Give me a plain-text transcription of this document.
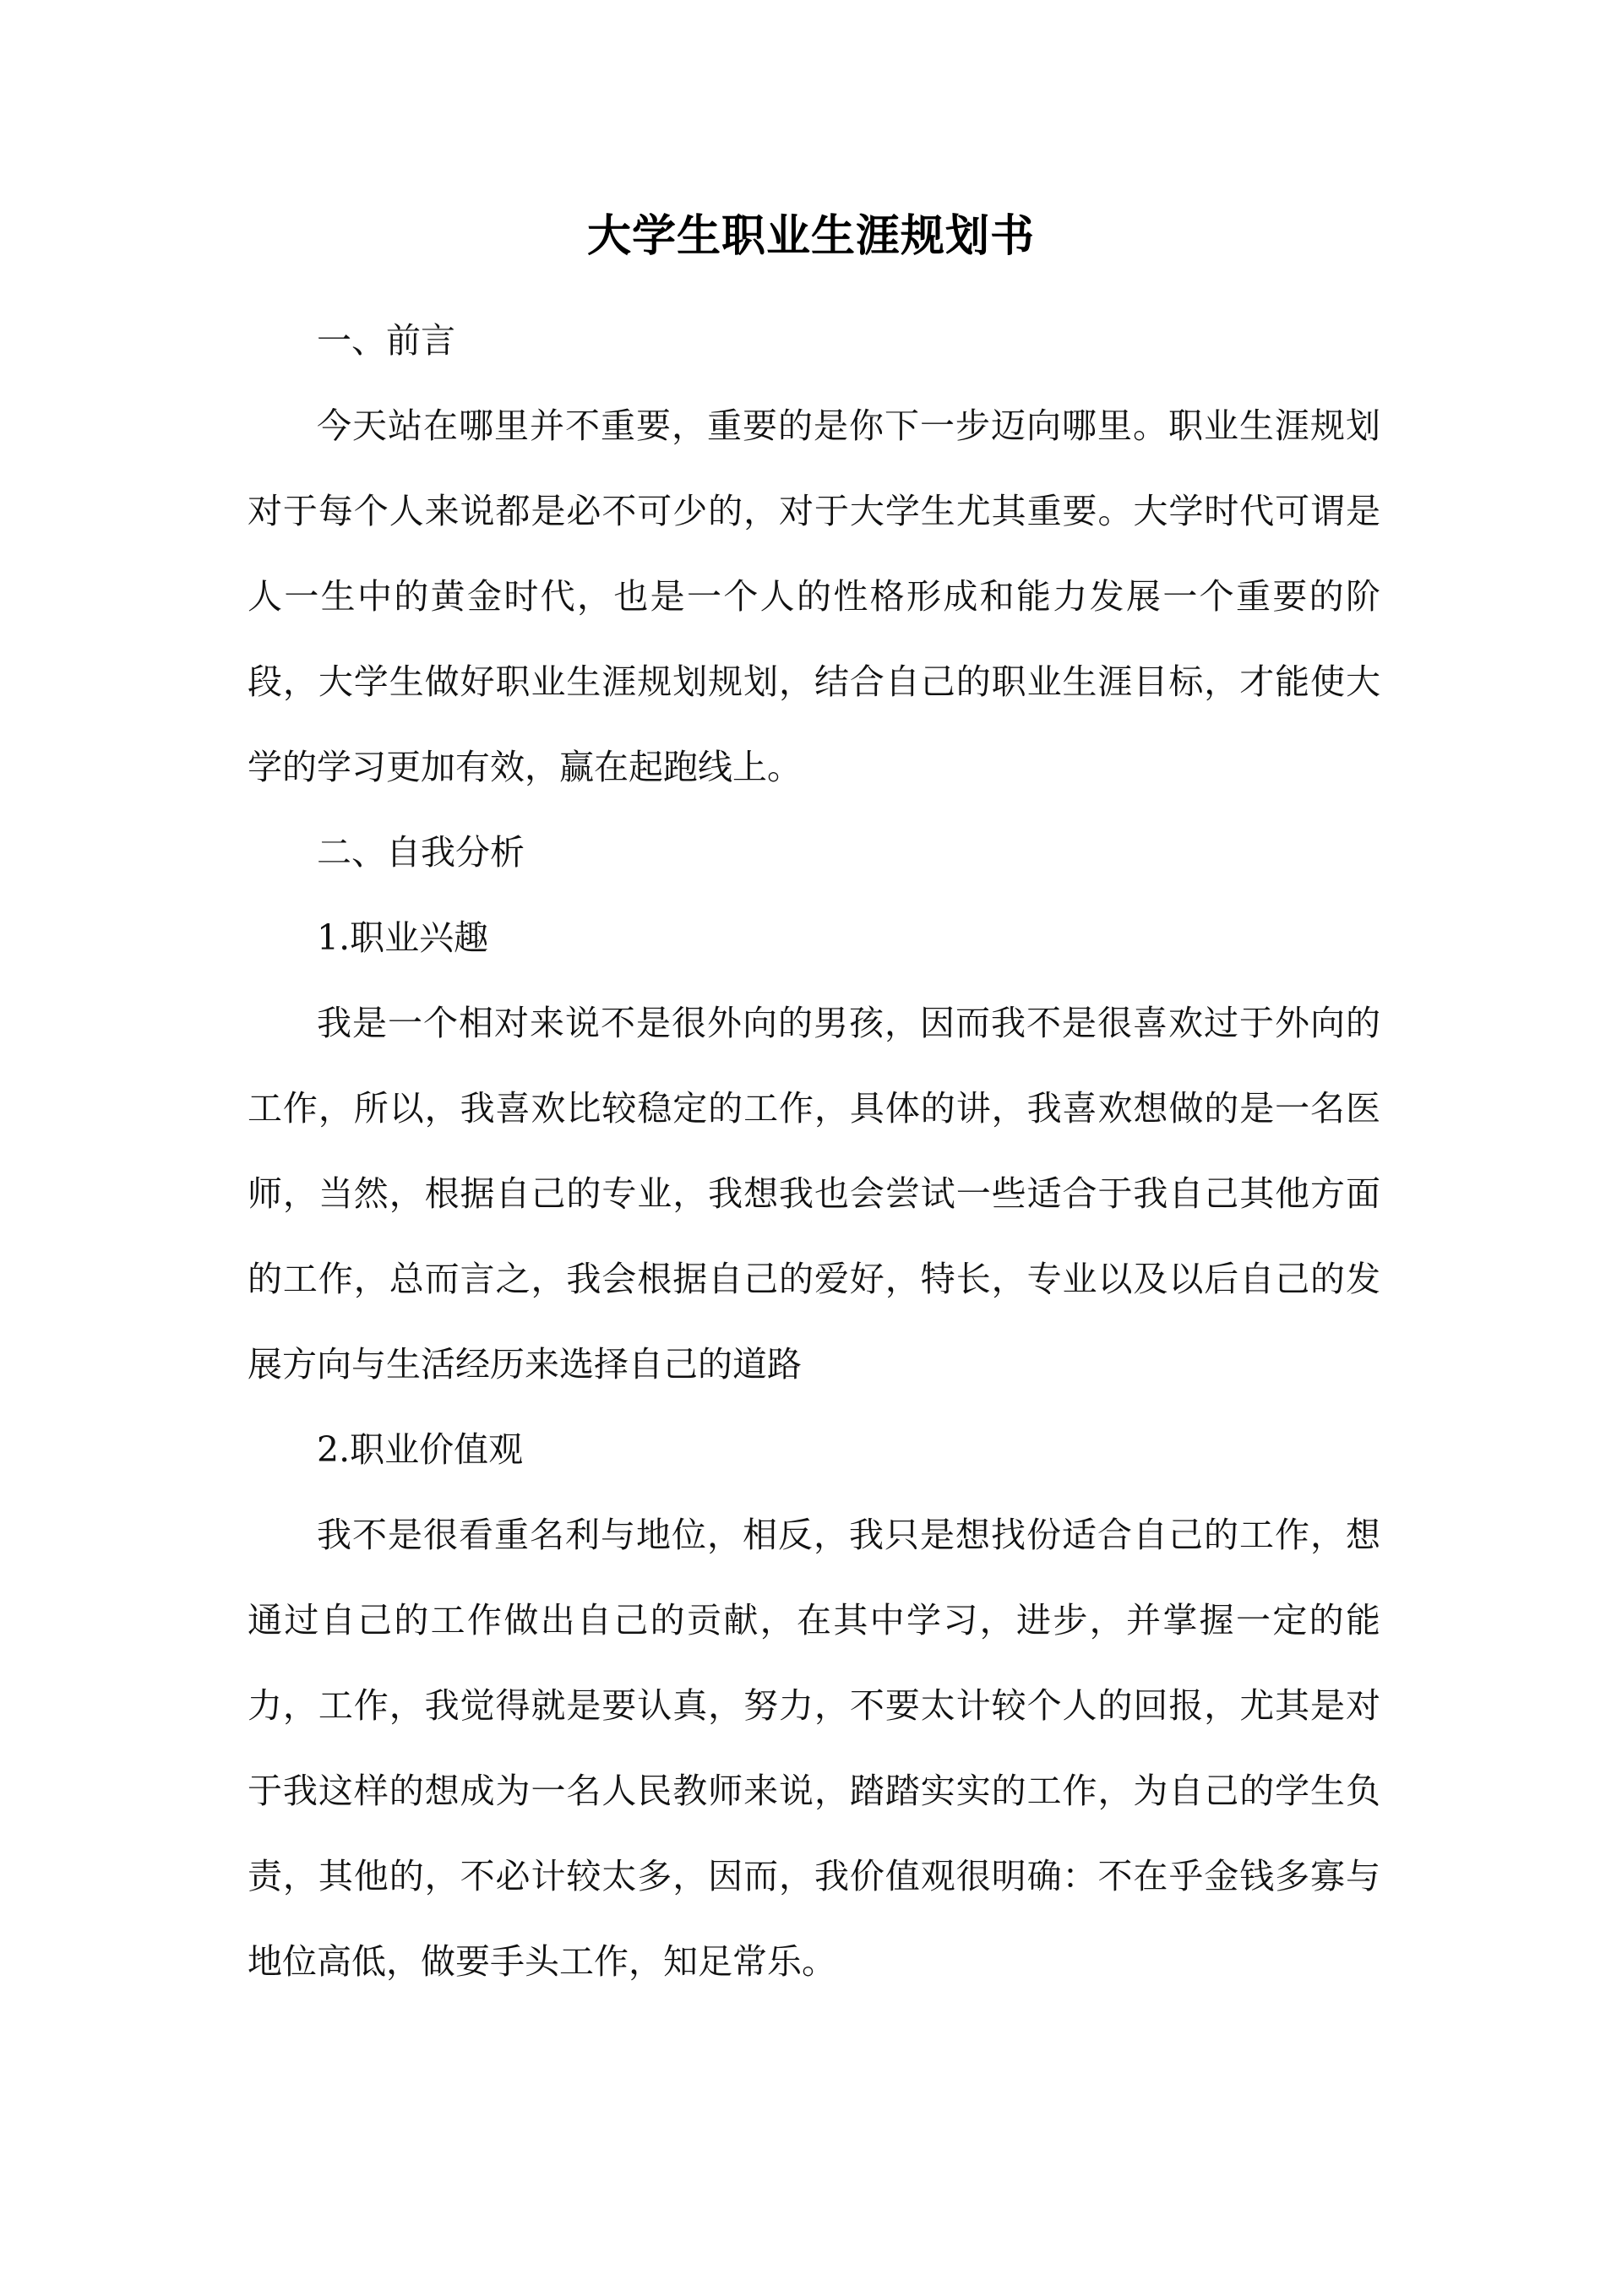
大学生职业生涯规划书

一、前言

今天站在哪里并不重要，重要的是你下一步迈向哪里。职业生涯规划对于每个人来说都是必不可少的，对于大学生尤其重要。大学时代可谓是人一生中的黄金时代，也是一个人的性格形成和能力发展一个重要的阶段，大学生做好职业生涯规划规划，结合自己的职业生涯目标，才能使大学的学习更加有效，赢在起跑线上。

二、自我分析

1.职业兴趣

我是一个相对来说不是很外向的男孩，因而我不是很喜欢过于外向的工作，所以，我喜欢比较稳定的工作，具体的讲，我喜欢想做的是一名医师，当然，根据自己的专业，我想我也会尝试一些适合于我自己其他方面的工作，总而言之，我会根据自己的爱好，特长，专业以及以后自己的发展方向与生活经历来选择自己的道路

2.职业价值观

我不是很看重名利与地位，相反，我只是想找份适合自己的工作，想通过自己的工作做出自己的贡献，在其中学习，进步，并掌握一定的能力，工作，我觉得就是要认真，努力，不要太计较个人的回报，尤其是对于我这样的想成为一名人民教师来说，踏踏实实的工作，为自己的学生负责，其他的，不必计较太多，因而，我价值观很明确：不在乎金钱多寡与地位高低，做要手头工作，知足常乐。
